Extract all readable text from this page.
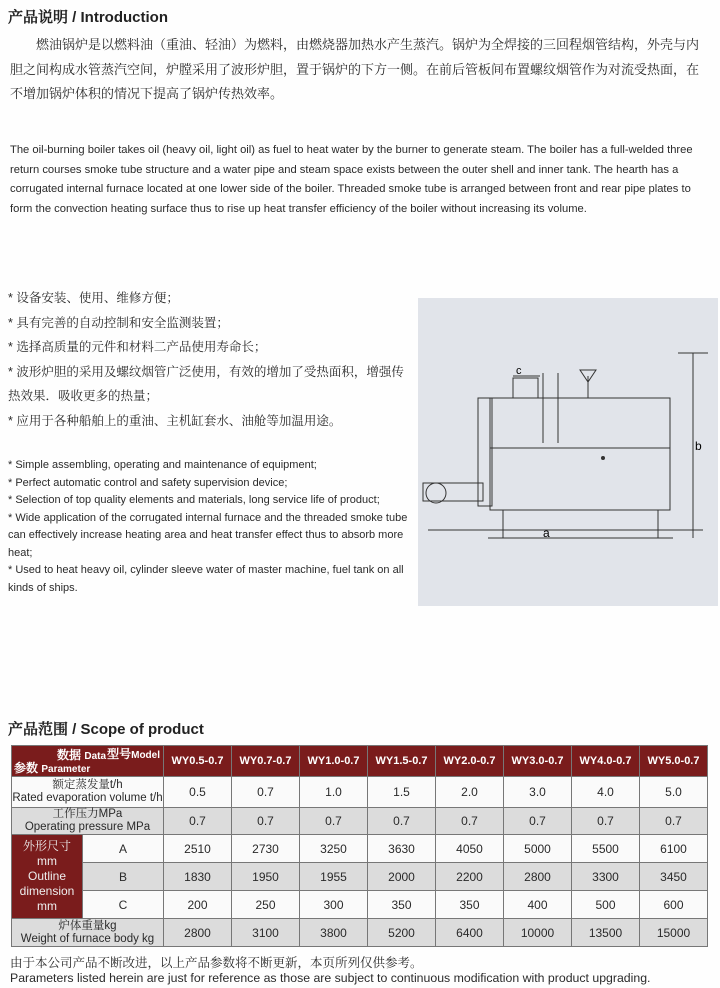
产品说明 / Introduction
燃油锅炉是以燃料油（重油、轻油）为燃料，由燃烧器加热水产生蒸汽。锅炉为全焊接的三回程烟管结构，外壳与内胆之间构成水管蒸汽空间，炉膛采用了波形炉胆，置于锅炉的下方一侧。在前后管板间布置螺纹烟管作为对流受热面，在不增加锅炉体积的情况下提高了锅炉传热效率。
The oil-burning boiler takes oil (heavy oil, light oil) as fuel to heat water by the burner to generate steam. The boiler has a full-welded three return courses smoke tube structure and a water pipe and steam space exists between the outer shell and inner tank. The hearth has a corrugated internal furnace located at one lower side of the boiler. Threaded smoke tube is arranged between front and rear pipe plates to form the convection heating surface thus to rise up heat transfer efficiency of the boiler without increasing its volume.
* 设备安装、使用、维修方便；
* 具有完善的自动控制和安全监测装置；
* 选择高质量的元件和材料二产品使用寿命长；
* 波形炉胆的采用及螺纹烟管广泛使用，有效的增加了受热面积，增强传热效果．吸收更多的热量；
* 应用于各种船舶上的重油、主机缸套水、油舱等加温用途。
* Simple assembling, operating and maintenance of equipment;
* Perfect automatic control and safety supervision device;
* Selection of top quality elements and materials, long service life of product;
* Wide application of the corrugated internal furnace and the threaded smoke tube can effectively increase heating area and heat transfer effect thus to absorb more heat;
* Used to heat heavy oil, cylinder sleeve water of master machine, fuel tank on all kinds of ships.
a
b
c
产品范围 / Scope of product
数据 Data 型号Model
参数 Parameter		WY0.5-0.7	WY0.7-0.7	WY1.0-0.7	WY1.5-0.7	WY2.0-0.7	WY3.0-0.7	WY4.0-0.7	WY5.0-0.7

额定蒸发量t/h
Rated evaporation volume t/h		0.5	0.7	1.0	1.5	2.0	3.0	4.0	5.0

工作压力MPa
Operating pressure MPa		0.7	0.7	0.7	0.7	0.7	0.7	0.7	0.7

外形尺寸
mm
Outline dimension
mm	A	2510	2730	3250	3630	4050	5000	5500	6100
	B	1830	1950	1955	2000	2200	2800	3300	3450
	C	200	250	300	350	350	400	500	600

炉体重量kg
Weight of furnace body kg		2800	3100	3800	5200	6400	10000	13500	15000
由于本公司产品不断改进，以上产品参数将不断更新，本页所列仅供参考。
Parameters listed herein are just for reference as those are subject to continuous modification with product upgrading.
